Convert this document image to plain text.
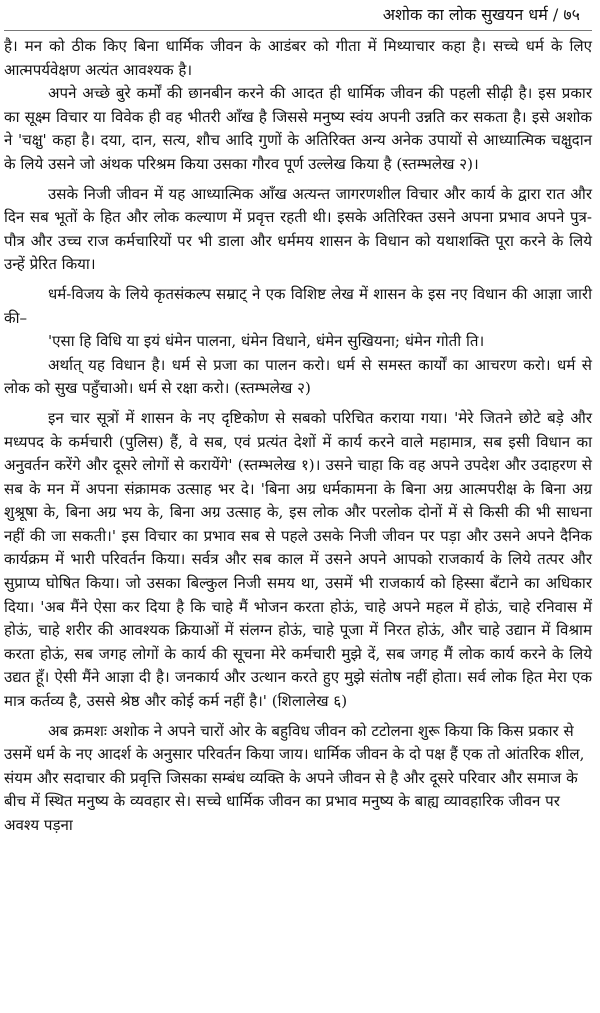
अशोक का लोक सुखयन धर्म / ७५

है। मन को ठीक किए बिना धार्मिक जीवन के आडंबर को गीता में मिथ्याचार कहा है। सच्चे धर्म के लिए आत्मपर्यवेक्षण अत्यंत आवश्यक है।

अपने अच्छे बुरे कर्मों की छानबीन करने की आदत ही धार्मिक जीवन की पहली सीढ़ी है। इस प्रकार का सूक्ष्म विचार या विवेक ही वह भीतरी आँख है जिससे मनुष्य स्वंय अपनी उन्नति कर सकता है। इसे अशोक ने 'चक्षु' कहा है। दया, दान, सत्य, शौच आदि गुणों के अतिरिक्त अन्य अनेक उपायों से आध्यात्मिक चक्षुदान के लिये उसने जो अंथक परिश्रम किया उसका गौरव पूर्ण उल्लेख किया है (स्तम्भलेख २)।

उसके निजी जीवन में यह आध्यात्मिक आँख अत्यन्त जागरणशील विचार और कार्य के द्वारा रात और दिन सब भूतों के हित और लोक कल्याण में प्रवृत्त रहती थी। इसके अतिरिक्त उसने अपना प्रभाव अपने पुत्र-पौत्र और उच्च राज कर्मचारियों पर भी डाला और धर्ममय शासन के विधान को यथाशक्ति पूरा करने के लिये उन्हें प्रेरित किया।

धर्म-विजय के लिये कृतसंकल्प सम्राट् ने एक विशिष्ट लेख में शासन के इस नए विधान की आज्ञा जारी की–

'एसा हि विधि या इयं धंमेन पालना, धंमेन विधाने, धंमेन सुखियना; धंमेन गोती ति।

अर्थात् यह विधान है। धर्म से प्रजा का पालन करो। धर्म से समस्त कार्यों का आचरण करो। धर्म से लोक को सुख पहुँचाओ। धर्म से रक्षा करो। (स्तम्भलेख २)

इन चार सूत्रों में शासन के नए दृष्टिकोण से सबको परिचित कराया गया। 'मेरे जितने छोटे बड़े और मध्यपद के कर्मचारी (पुलिस) हैं, वे सब, एवं प्रत्यंत देशों में कार्य करने वाले महामात्र, सब इसी विधान का अनुवर्तन करेंगे और दूसरे लोगों से करायेंगे' (स्तम्भलेख १)। उसने चाहा कि वह अपने उपदेश और उदाहरण से सब के मन में अपना संक्रामक उत्साह भर दे। 'बिना अग्र धर्मकामना के बिना अग्र आत्मपरीक्ष के बिना अग्र शुश्रूषा के, बिना अग्र भय के, बिना अग्र उत्साह के, इस लोक और परलोक दोनों में से किसी की भी साधना नहीं की जा सकती।' इस विचार का प्रभाव सब से पहले उसके निजी जीवन पर पड़ा और उसने अपने दैनिक कार्यक्रम में भारी परिवर्तन किया। सर्वत्र और सब काल में उसने अपने आपको राजकार्य के लिये तत्पर और सुप्राप्य घोषित किया। जो उसका बिल्कुल निजी समय था, उसमें भी राजकार्य को हिस्सा बँटाने का अधिकार दिया। 'अब मैंने ऐसा कर दिया है कि चाहे मैं भोजन करता होऊं, चाहे अपने महल में होऊं, चाहे रनिवास में होऊं, चाहे शरीर की आवश्यक क्रियाओं में संलग्न होऊं, चाहे पूजा में निरत होऊं, और चाहे उद्यान में विश्राम करता होऊं, सब जगह लोगों के कार्य की सूचना मेरे कर्मचारी मुझे दें, सब जगह मैं लोक कार्य करने के लिये उद्यत हूँ। ऐसी मैंने आज्ञा दी है। जनकार्य और उत्थान करते हुए मुझे संतोष नहीं होता। सर्व लोक हित मेरा एक मात्र कर्तव्य है, उससे श्रेष्ठ और कोई कर्म नहीं है।' (शिलालेख ६)

अब क्रमशः अशोक ने अपने चारों ओर के बहुविध जीवन को टटोलना शुरू किया कि किस प्रकार से उसमें धर्म के नए आदर्श के अनुसार परिवर्तन किया जाय। धार्मिक जीवन के दो पक्ष हैं एक तो आंतरिक शील, संयम और सदाचार की प्रवृत्ति जिसका सम्बंध व्यक्ति के अपने जीवन से है और दूसरे परिवार और समाज के बीच में स्थित मनुष्य के व्यवहार से। सच्चे धार्मिक जीवन का प्रभाव मनुष्य के बाह्य व्यावहारिक जीवन पर अवश्य पड़ना
